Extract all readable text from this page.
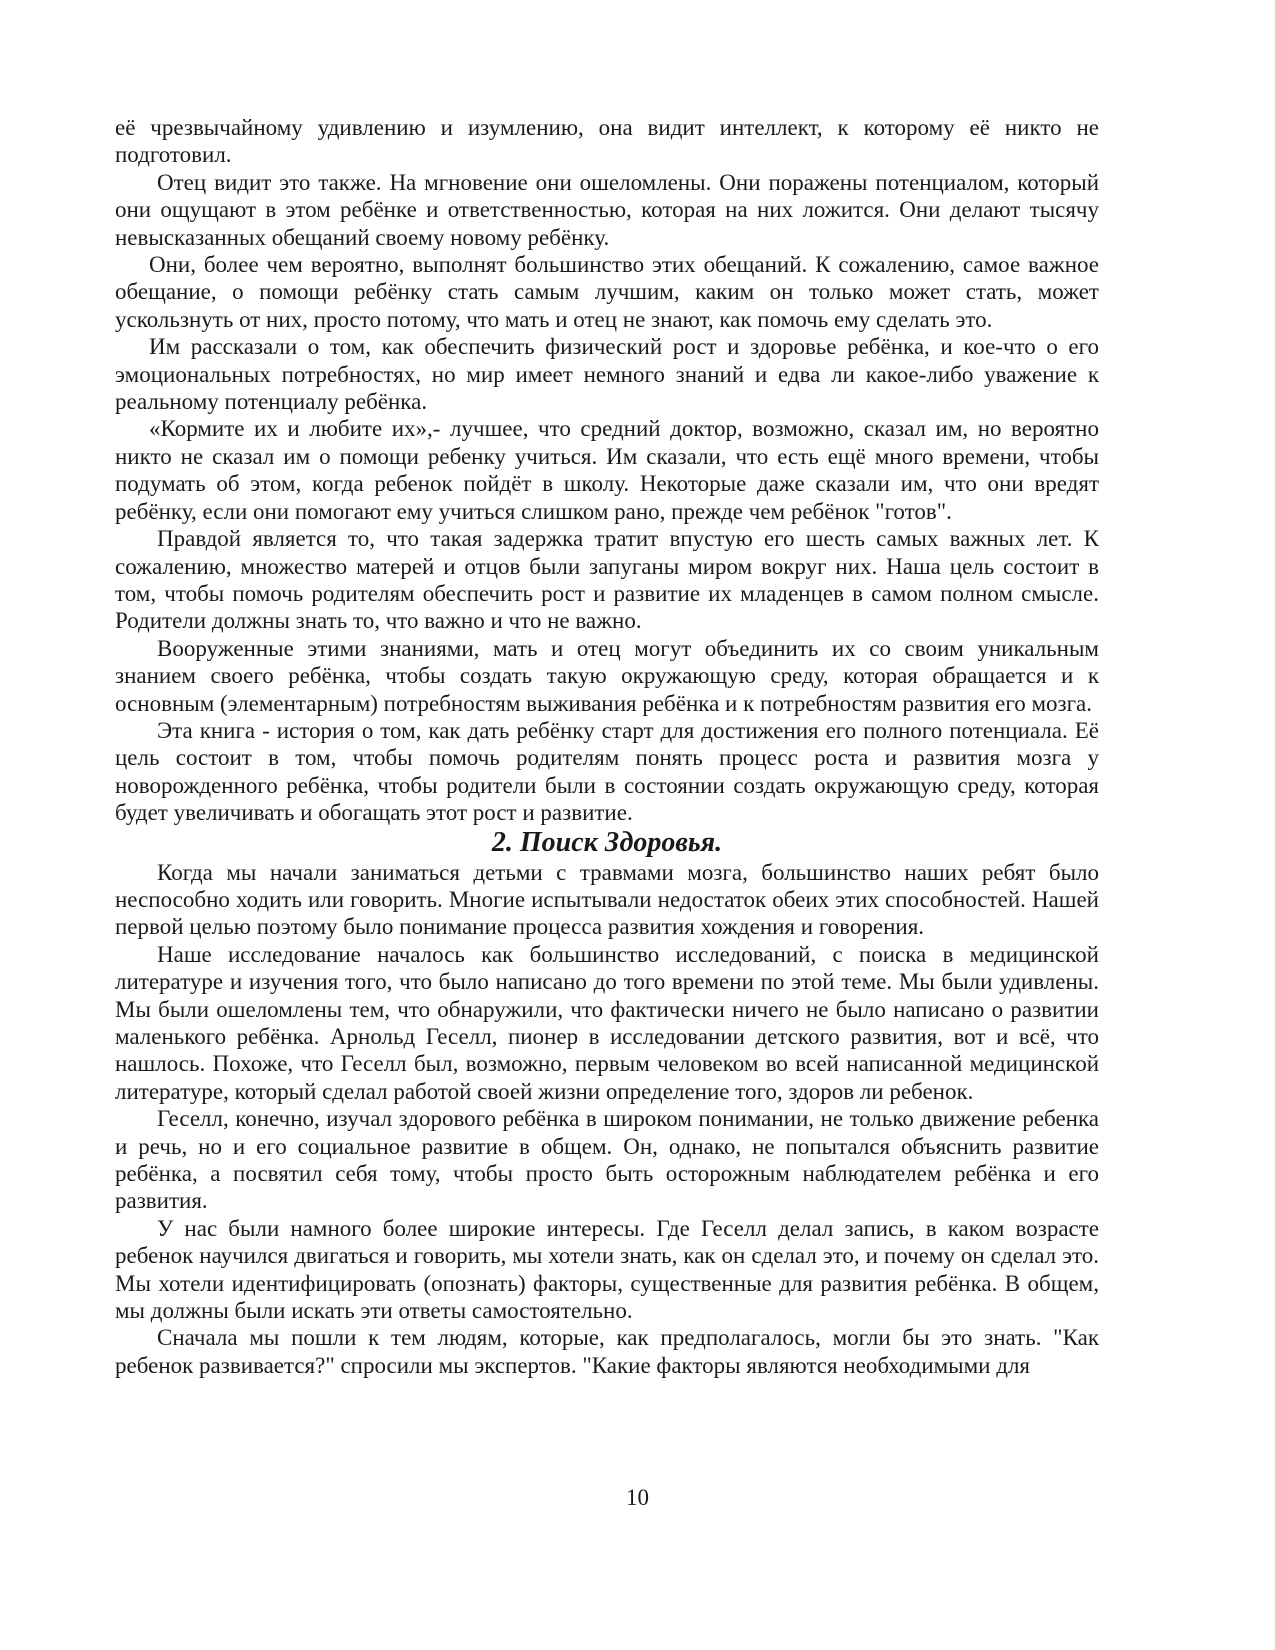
её чрезвычайному удивлению и изумлению, она видит интеллект, к которому её никто не подготовил.

Отец видит это также. На мгновение они ошеломлены. Они поражены потенциалом, который они ощущают в этом ребёнке и ответственностью, которая на них ложится. Они делают тысячу невысказанных обещаний своему новому ребёнку.

Они, более чем вероятно, выполнят большинство этих обещаний. К сожалению, самое важное обещание, о помощи ребёнку стать самым лучшим, каким он только может стать, может ускользнуть от них, просто потому, что мать и отец не знают, как помочь ему сделать это.

Им рассказали о том, как обеспечить физический рост и здоровье ребёнка, и кое-что о его эмоциональных потребностях, но мир имеет немного знаний и едва ли какое-либо уважение к реальному потенциалу ребёнка.

«Кормите их и любите их»,- лучшее, что средний доктор, возможно, сказал им, но вероятно никто не сказал им о помощи ребенку учиться. Им сказали, что есть ещё много времени, чтобы подумать об этом, когда ребенок пойдёт в школу. Некоторые даже сказали им, что они вредят ребёнку, если они помогают ему учиться слишком рано, прежде чем ребёнок "готов".

Правдой является то, что такая задержка тратит впустую его шесть самых важных лет. К сожалению, множество матерей и отцов были запуганы миром вокруг них. Наша цель состоит в том, чтобы помочь родителям обеспечить рост и развитие их младенцев в самом полном смысле. Родители должны знать то, что важно и что не важно.

Вооруженные этими знаниями, мать и отец могут объединить их со своим уникальным знанием своего ребёнка, чтобы создать такую окружающую среду, которая обращается и к основным (элементарным) потребностям выживания ребёнка и к потребностям развития его мозга.

Эта книга - история о том, как дать ребёнку старт для достижения его полного потенциала. Её цель состоит в том, чтобы помочь родителям понять процесс роста и развития мозга у новорожденного ребёнка, чтобы родители были в состоянии создать окружающую среду, которая будет увеличивать и обогащать этот рост и развитие.

2. Поиск Здоровья.

Когда мы начали заниматься детьми с травмами мозга, большинство наших ребят было неспособно ходить или говорить. Многие испытывали недостаток обеих этих способностей. Нашей первой целью поэтому было понимание процесса развития хождения и говорения.

Наше исследование началось как большинство исследований, с поиска в медицинской литературе и изучения того, что было написано до того времени по этой теме. Мы были удивлены. Мы были ошеломлены тем, что обнаружили, что фактически ничего не было написано о развитии маленького ребёнка. Арнольд Геселл, пионер в исследовании детского развития, вот и всё, что нашлось. Похоже, что Геселл был, возможно, первым человеком во всей написанной медицинской литературе, который сделал работой своей жизни определение того, здоров ли ребенок.

Геселл, конечно, изучал здорового ребёнка в широком понимании, не только движение ребенка и речь, но и его социальное развитие в общем. Он, однако, не попытался объяснить развитие ребёнка, а посвятил себя тому, чтобы просто быть осторожным наблюдателем ребёнка и его развития.

У нас были намного более широкие интересы. Где Геселл делал запись, в каком возрасте ребенок научился двигаться и говорить, мы хотели знать, как он сделал это, и почему он сделал это. Мы хотели идентифицировать (опознать) факторы, существенные для развития ребёнка. В общем, мы должны были искать эти ответы самостоятельно.

Сначала мы пошли к тем людям, которые, как предполагалось, могли бы это знать. "Как ребенок развивается?" спросили мы экспертов. "Какие факторы являются необходимыми для

10
